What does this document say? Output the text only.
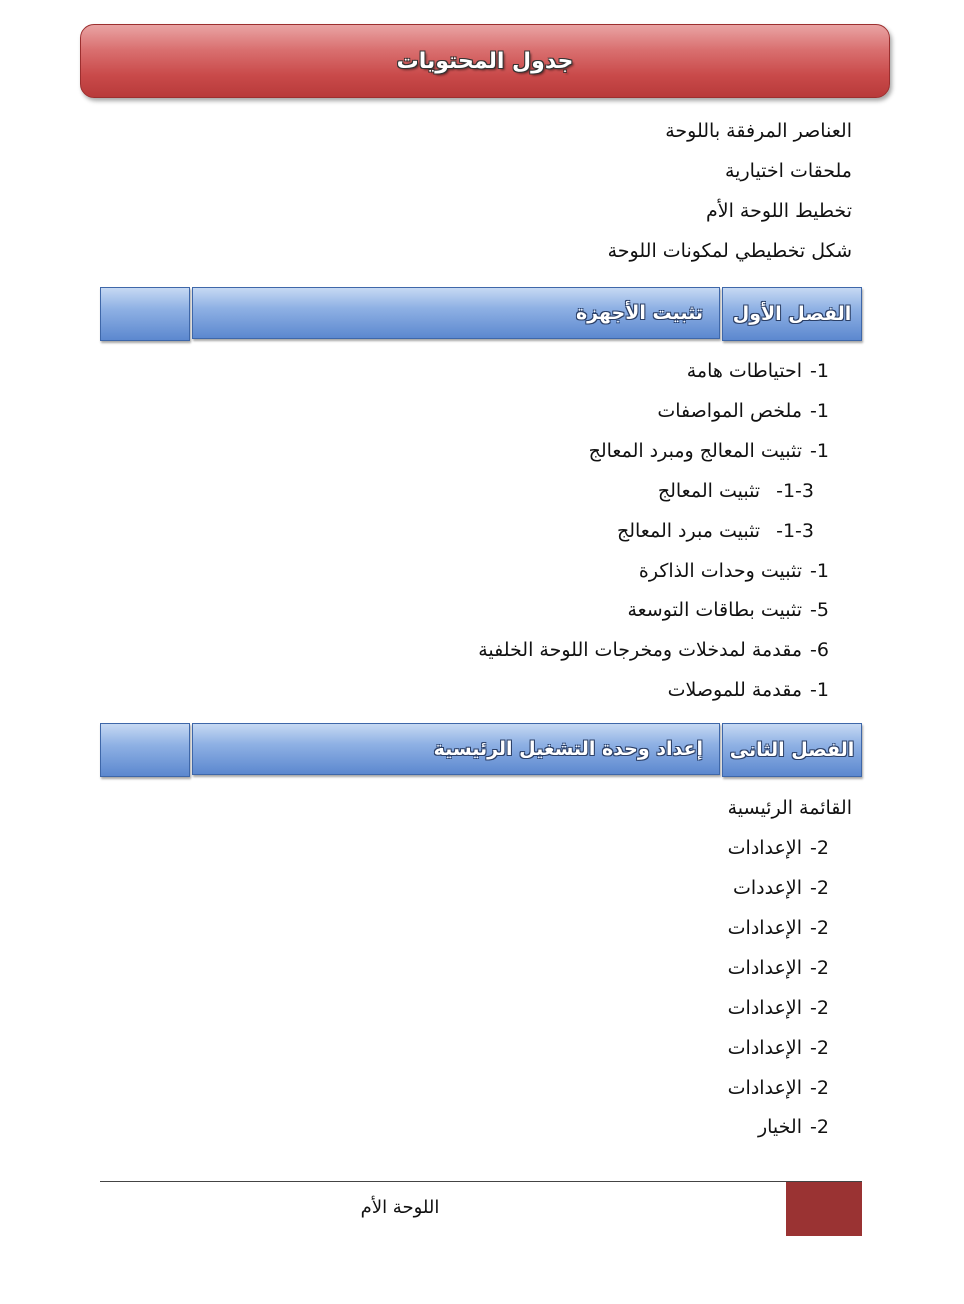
جدول المحتويات
العناصر المرفقة باللوحة
ملحقات اختيارية
تخطيط اللوحة الأم
شكل تخطيطي لمكونات اللوحة
تثبيت الأجهزة الفصل الأول
1-احتياطات هامة
1-ملخص المواصفات
1-تثبيت المعالج ومبرد المعالج
1-3-تثبيت المعالج
1-3-تثبيت مبرد المعالج
1-تثبيت وحدات الذاكرة
5-تثبيت بطاقات التوسعة
6-مقدمة لمدخلات ومخرجات اللوحة الخلفية
1-مقدمة للموصلات
إعداد وحدة التشغيل الرئيسية الفصل الثانى
القائمة الرئيسية
2-الإعدادات
2-الإعددات
2-الإعدادات
2-الإعدادات
2-الإعدادات
2-الإعدادات
2-الإعدادات
2-الخيار
اللوحة الأم
